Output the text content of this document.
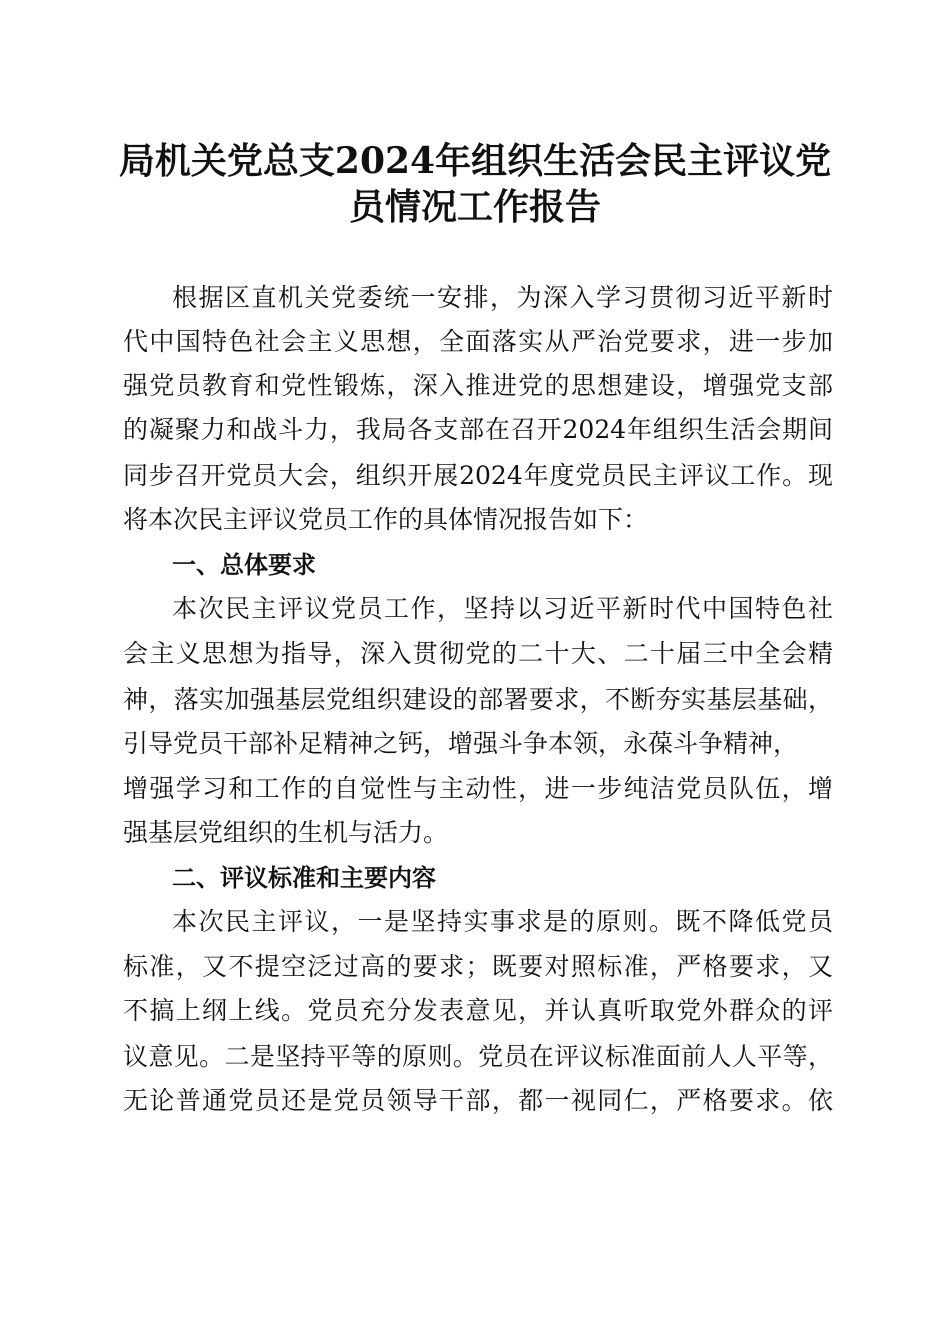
局机关党总支2024年组织生活会民主评议党
员情况工作报告

根据区直机关党委统一安排，为深入学习贯彻习近平新时

代中国特色社会主义思想，全面落实从严治党要求，进一步加

强党员教育和党性锻炼，深入推进党的思想建设，增强党支部

的凝聚力和战斗力，我局各支部在召开2024年组织生活会期间

同步召开党员大会，组织开展2024年度党员民主评议工作。现

将本次民主评议党员工作的具体情况报告如下：

一、总体要求

本次民主评议党员工作，坚持以习近平新时代中国特色社

会主义思想为指导，深入贯彻党的二十大、二十届三中全会精

神，落实加强基层党组织建设的部署要求，不断夯实基层基础，

引导党员干部补足精神之钙，增强斗争本领，永葆斗争精神，

增强学习和工作的自觉性与主动性，进一步纯洁党员队伍，增

强基层党组织的生机与活力。

二、评议标准和主要内容

本次民主评议，一是坚持实事求是的原则。既不降低党员

标准，又不提空泛过高的要求；既要对照标准，严格要求，又

不搞上纲上线。党员充分发表意见，并认真听取党外群众的评

议意见。二是坚持平等的原则。党员在评议标准面前人人平等，

无论普通党员还是党员领导干部，都一视同仁，严格要求。依
